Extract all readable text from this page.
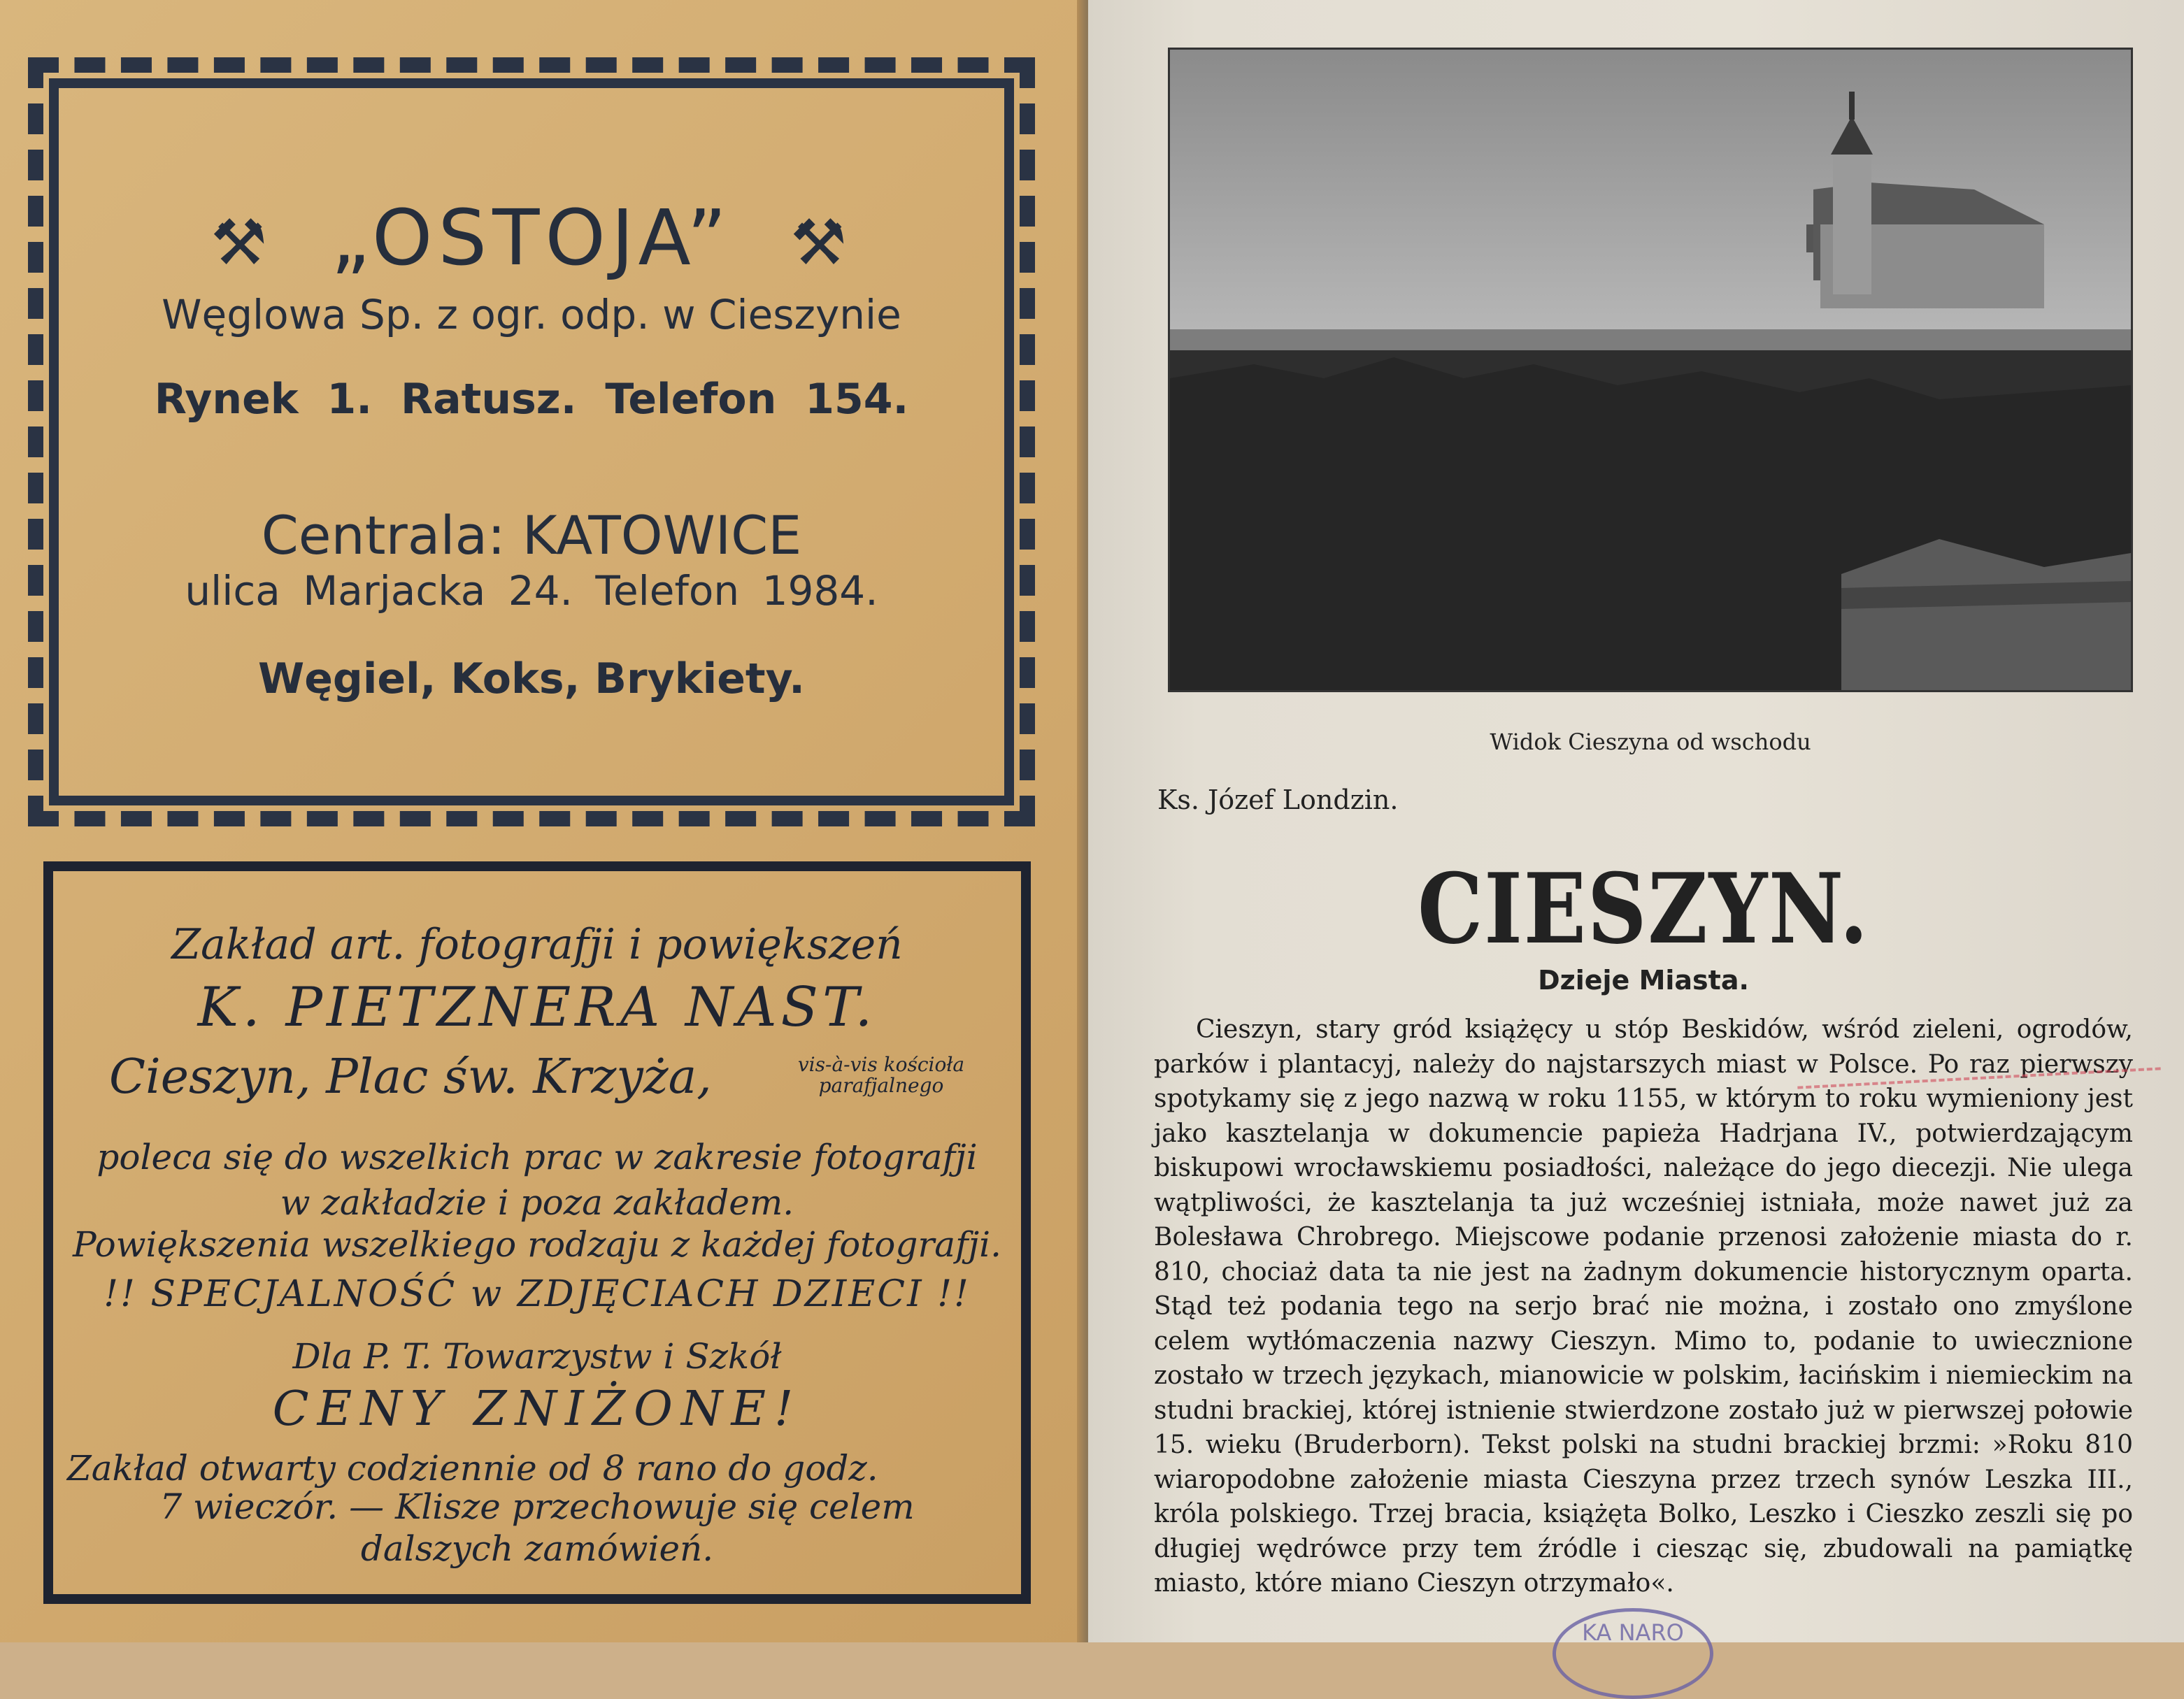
⚒ „OSTOJA” ⚒
Węglowa Sp. z ogr. odp. w Cieszynie
Rynek 1. Ratusz. Telefon 154.
Centrala: KATOWICE
ulica Marjacka 24. Telefon 1984.
Węgiel, Koks, Brykiety.
Zakład art. fotografji i powiększeń
K. PIETZNERA NAST.
Cieszyn, Plac św. Krzyża,	vis-à-vis kościoła parafjalnego
poleca się do wszelkich prac w zakresie fotografji
w zakładzie i poza zakładem.
Powiększenia wszelkiego rodzaju z każdej fotografji.
!! SPECJALNOŚĆ w ZDJĘCIACH DZIECI !!
Dla P. T. Towarzystw i Szkół
CENY ZNIŻONE!
Zakład otwarty codziennie od 8 rano do godz.
7 wieczór. — Klisze przechowuje się celem
dalszych zamówień.
Widok Cieszyna od wschodu
Ks. Józef Londzin.
CIESZYN.
Dzieje Miasta.

Cieszyn, stary gród książęcy u stóp Beskidów, wśród zieleni, ogrodów, parków i plantacyj, należy do najstarszych miast w Polsce. Po raz pierwszy spotykamy się z jego nazwą w roku 1155, w którym to roku wymieniony jest jako kasztelanja w dokumencie papieża Hadrjana IV., potwierdzającym biskupowi wrocławskiemu posiadłości, należące do jego diecezji. Nie ulega wątpliwości, że kasztelanja ta już wcześniej istniała, może nawet już za Bolesława Chrobrego. Miejscowe podanie przenosi założenie miasta do r. 810, chociaż data ta nie jest na żadnym dokumencie historycznym oparta. Stąd też podania tego na serjo brać nie można, i zostało ono zmyślone celem wytłómaczenia nazwy Cieszyn. Mimo to, podanie to uwiecznione zostało w trzech językach, mianowicie w polskim, łacińskim i niemieckim na studni brackiej, której istnienie stwierdzone zostało już w pierwszej połowie 15. wieku (Bruderborn). Tekst polski na studni brackiej brzmi: »Roku 810 wiaropodobne założenie miasta Cieszyna przez trzech synów Leszka III., króla polskiego. Trzej bracia, książęta Bolko, Leszko i Cieszko zeszli się po długiej wędrówce przy tem źródle i ciesząc się, zbudowali na pamiątkę miasto, które miano Cieszyn otrzymało«.

KA NARO
